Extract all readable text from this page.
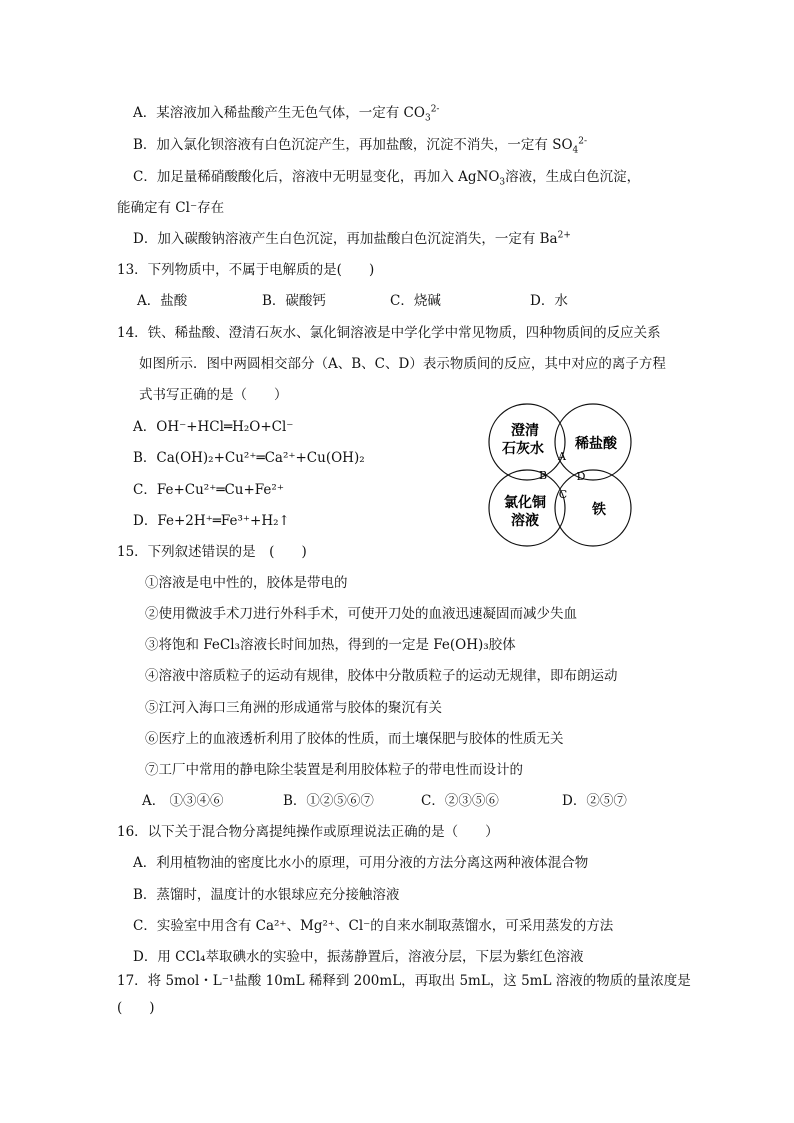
A．某溶液加入稀盐酸产生无色气体，一定有 $CO_3^{2-}$
B．加入氯化钡溶液有白色沉淀产生，再加盐酸，沉淀不消失，一定有 $SO_4^{2-}$
C．加足量稀硝酸酸化后，溶液中无明显变化，再加入 AgNO$_3$溶液，生成白色沉淀，
能确定有 Cl⁻存在
D．加入碳酸钠溶液产生白色沉淀，再加盐酸白色沉淀消失，一定有 $Ba^{2+}$
13．下列物质中，不属于电解质的是(　　)
A．盐酸	B．碳酸钙	C．烧碱	D．水
14．铁、稀盐酸、澄清石灰水、氯化铜溶液是中学化学中常见物质，四种物质间的反应关系
如图所示．图中两圆相交部分（A、B、C、D）表示物质间的反应，其中对应的离子方程
式书写正确的是（　　）
A．OH⁻+HCl═H₂O+Cl⁻
B．Ca(OH)₂+Cu²⁺═Ca²⁺+Cu(OH)₂
C．Fe+Cu²⁺═Cu+Fe²⁺
D．Fe+2H⁺═Fe³⁺+H₂↑
澄清
石灰水 稀盐酸
氯化铜
溶液
铁
A
B
C
D
15．下列叙述错误的是　(　　)
①溶液是电中性的，胶体是带电的
②使用微波手术刀进行外科手术，可使开刀处的血液迅速凝固而减少失血
③将饱和 FeCl₃溶液长时间加热，得到的一定是 Fe(OH)₃胶体
④溶液中溶质粒子的运动有规律，胶体中分散质粒子的运动无规律，即布朗运动
⑤江河入海口三角洲的形成通常与胶体的聚沉有关
⑥医疗上的血液透析利用了胶体的性质，而土壤保肥与胶体的性质无关
⑦工厂中常用的静电除尘装置是利用胶体粒子的带电性而设计的
A． ①③④⑥	B．①②⑤⑥⑦	C．②③⑤⑥	D．②⑤⑦
16．以下关于混合物分离提纯操作或原理说法正确的是（　　）
A．利用植物油的密度比水小的原理，可用分液的方法分离这两种液体混合物
B．蒸馏时，温度计的水银球应充分接触溶液
C．实验室中用含有 Ca²⁺、Mg²⁺、Cl⁻的自来水制取蒸馏水，可采用蒸发的方法
D．用 CCl₄萃取碘水的实验中，振荡静置后，溶液分层，下层为紫红色溶液
17．将 5mol・L⁻¹盐酸 10mL 稀释到 200mL，再取出 5mL，这 5mL 溶液的物质的量浓度是
(　　)
